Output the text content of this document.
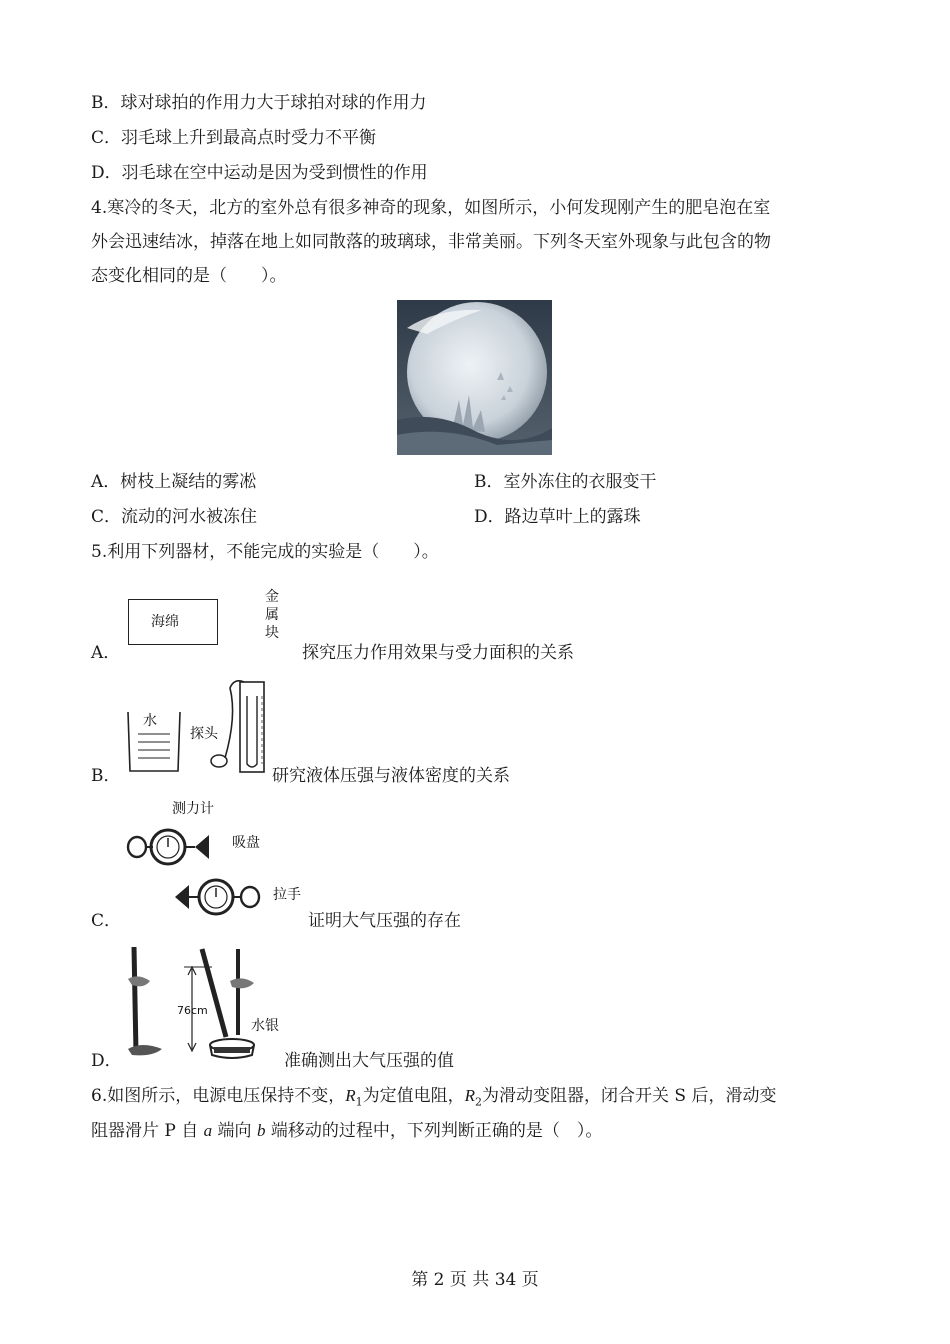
B．球对球拍的作用力大于球拍对球的作用力
C．羽毛球上升到最高点时受力不平衡
D．羽毛球在空中运动是因为受到惯性的作用
4.寒冷的冬天，北方的室外总有很多神奇的现象，如图所示，小何发现刚产生的肥皂泡在室
外会迅速结冰，掉落在地上如同散落的玻璃球，非常美丽。下列冬天室外现象与此包含的物
态变化相同的是（　　）。
A．树枝上凝结的雾凇	B．室外冻住的衣服变干
C．流动的河水被冻住	D．路边草叶上的露珠
5.利用下列器材，不能完成的实验是（　　）。
A．
海绵
金
属
块
探究压力作用效果与受力面积的关系
B．
水
探头
研究液体压强与液体密度的关系
C．
测力计
吸盘
拉手
证明大气压强的存在
D．
76cm
水银
准确测出大气压强的值
6.如图所示，电源电压保持不变，$R_1$为定值电阻，$R_2$为滑动变阻器，闭合开关 S 后，滑动变
阻器滑片 P 自 a 端向 b 端移动的过程中，下列判断正确的是（　）。
第 2 页 共 34 页
